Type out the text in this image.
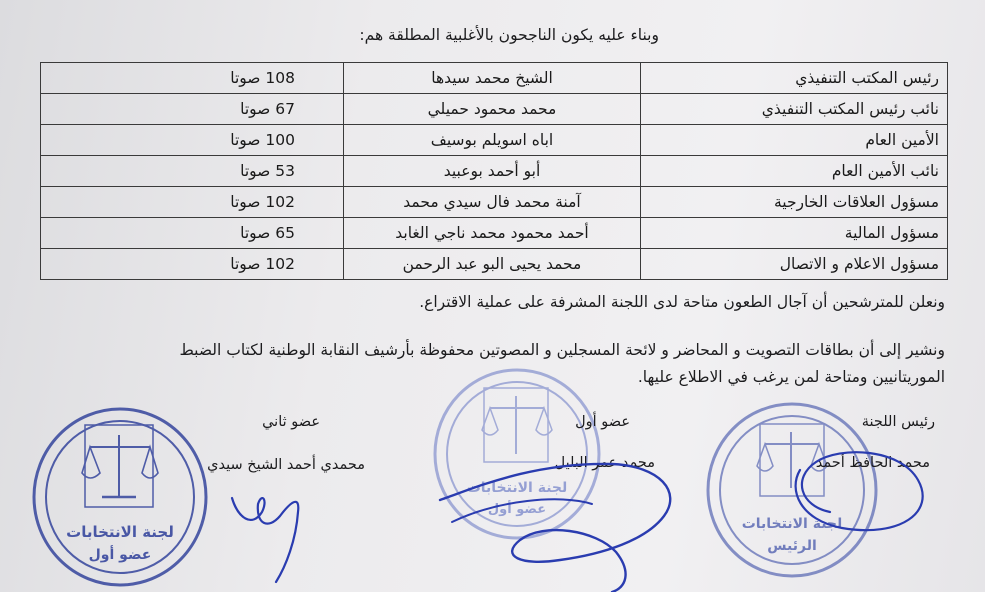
وبناء عليه يكون الناجحون بالأغلبية المطلقة هم:
رئيس المكتب التنفيذي	الشيخ محمد سيدها	108 صوتا
نائب رئيس المكتب التنفيذي	محمد محمود حميلي	67 صوتا
الأمين العام	اباه اسويلم بوسيف	100 صوتا
نائب الأمين العام	أبو أحمد بوعبيد	53 صوتا
مسؤول العلاقات الخارجية	آمنة محمد فال سيدي محمد	102 صوتا
مسؤول المالية	أحمد محمود محمد ناجي الغابد	65 صوتا
مسؤول الاعلام و الاتصال	محمد يحيى البو عبد الرحمن	102 صوتا
ونعلن للمترشحين أن آجال الطعون متاحة لدى اللجنة المشرفة على عملية الاقتراع.
ونشير إلى أن بطاقات التصويت و المحاضر و لائحة المسجلين و المصوتين محفوظة بأرشيف النقابة الوطنية لكتاب الضبط
الموريتانيين ومتاحة لمن يرغب في الاطلاع عليها.
لجنة الانتخابات
عضو أول
لجنة الانتخابات
عضو أول
لجنة الانتخابات
الرئيس
رئيس اللجنة
محمد الحافظ أحمد
عضو أول
محمد عمر البليل
عضو ثاني
محمدي أحمد الشيخ سيدي
